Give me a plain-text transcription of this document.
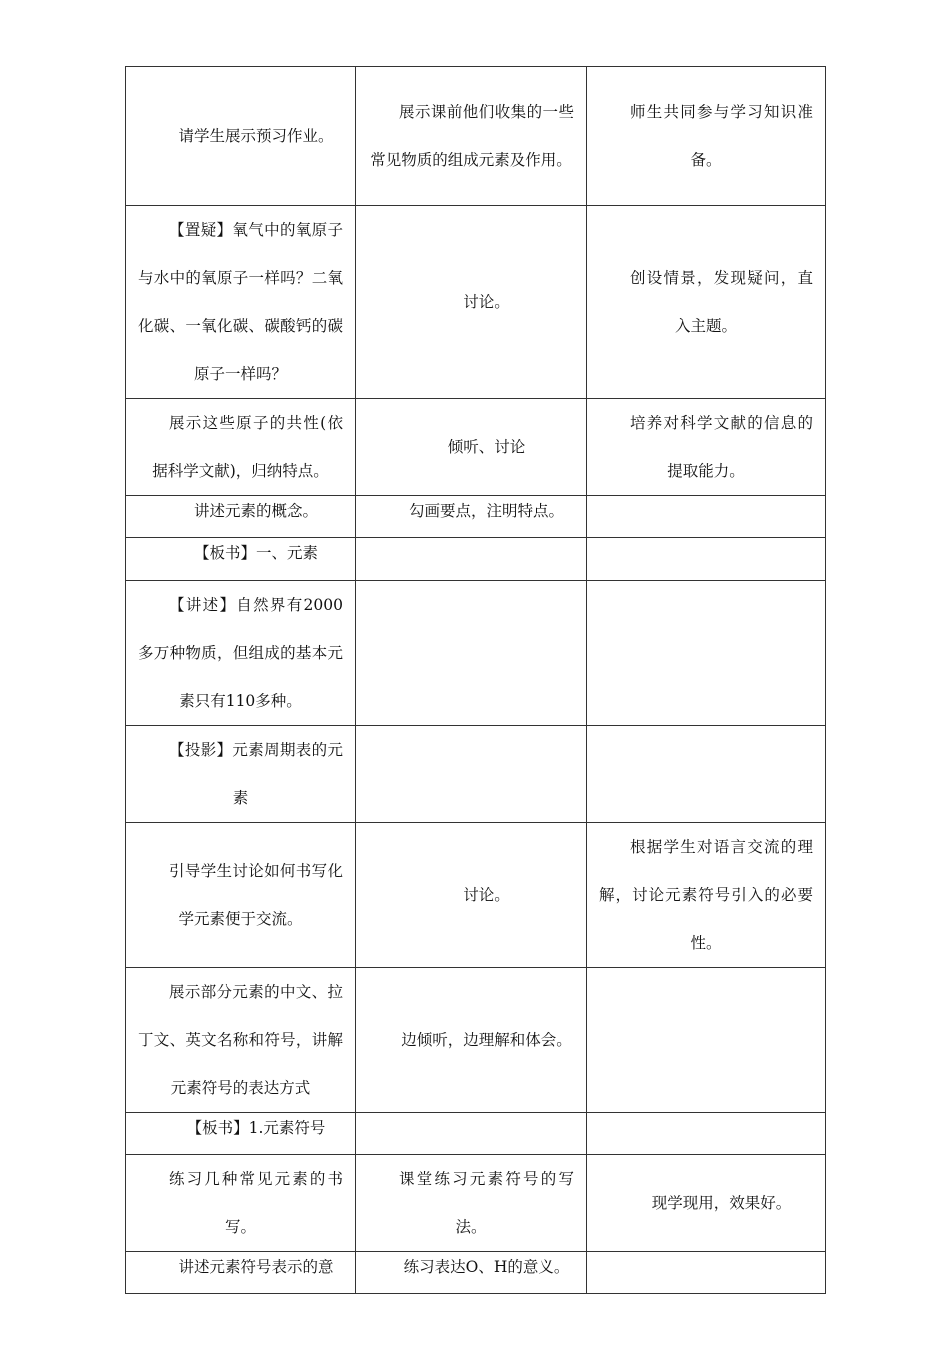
请学生展示预习作业。	展示课前他们收集的一些常见物质的组成元素及作用。	师生共同参与学习知识准备。

【置疑】氧气中的氧原子与水中的氧原子一样吗？二氧化碳、一氧化碳、碳酸钙的碳原子一样吗？	讨论。	创设情景，发现疑问，直入主题。

展示这些原子的共性(依据科学文献)，归纳特点。	倾听、讨论	培养对科学文献的信息的提取能力。

讲述元素的概念。	勾画要点，注明特点。	

【板书】一、元素		

【讲述】自然界有2000多万种物质，但组成的基本元素只有110多种。		

【投影】元素周期表的元素		

引导学生讨论如何书写化学元素便于交流。	讨论。	根据学生对语言交流的理解，讨论元素符号引入的必要性。

展示部分元素的中文、拉丁文、英文名称和符号，讲解元素符号的表达方式	边倾听，边理解和体会。	

【板书】1.元素符号		

练习几种常见元素的书写。	课堂练习元素符号的写法。	现学现用，效果好。

讲述元素符号表示的意	练习表达O、H的意义。	
